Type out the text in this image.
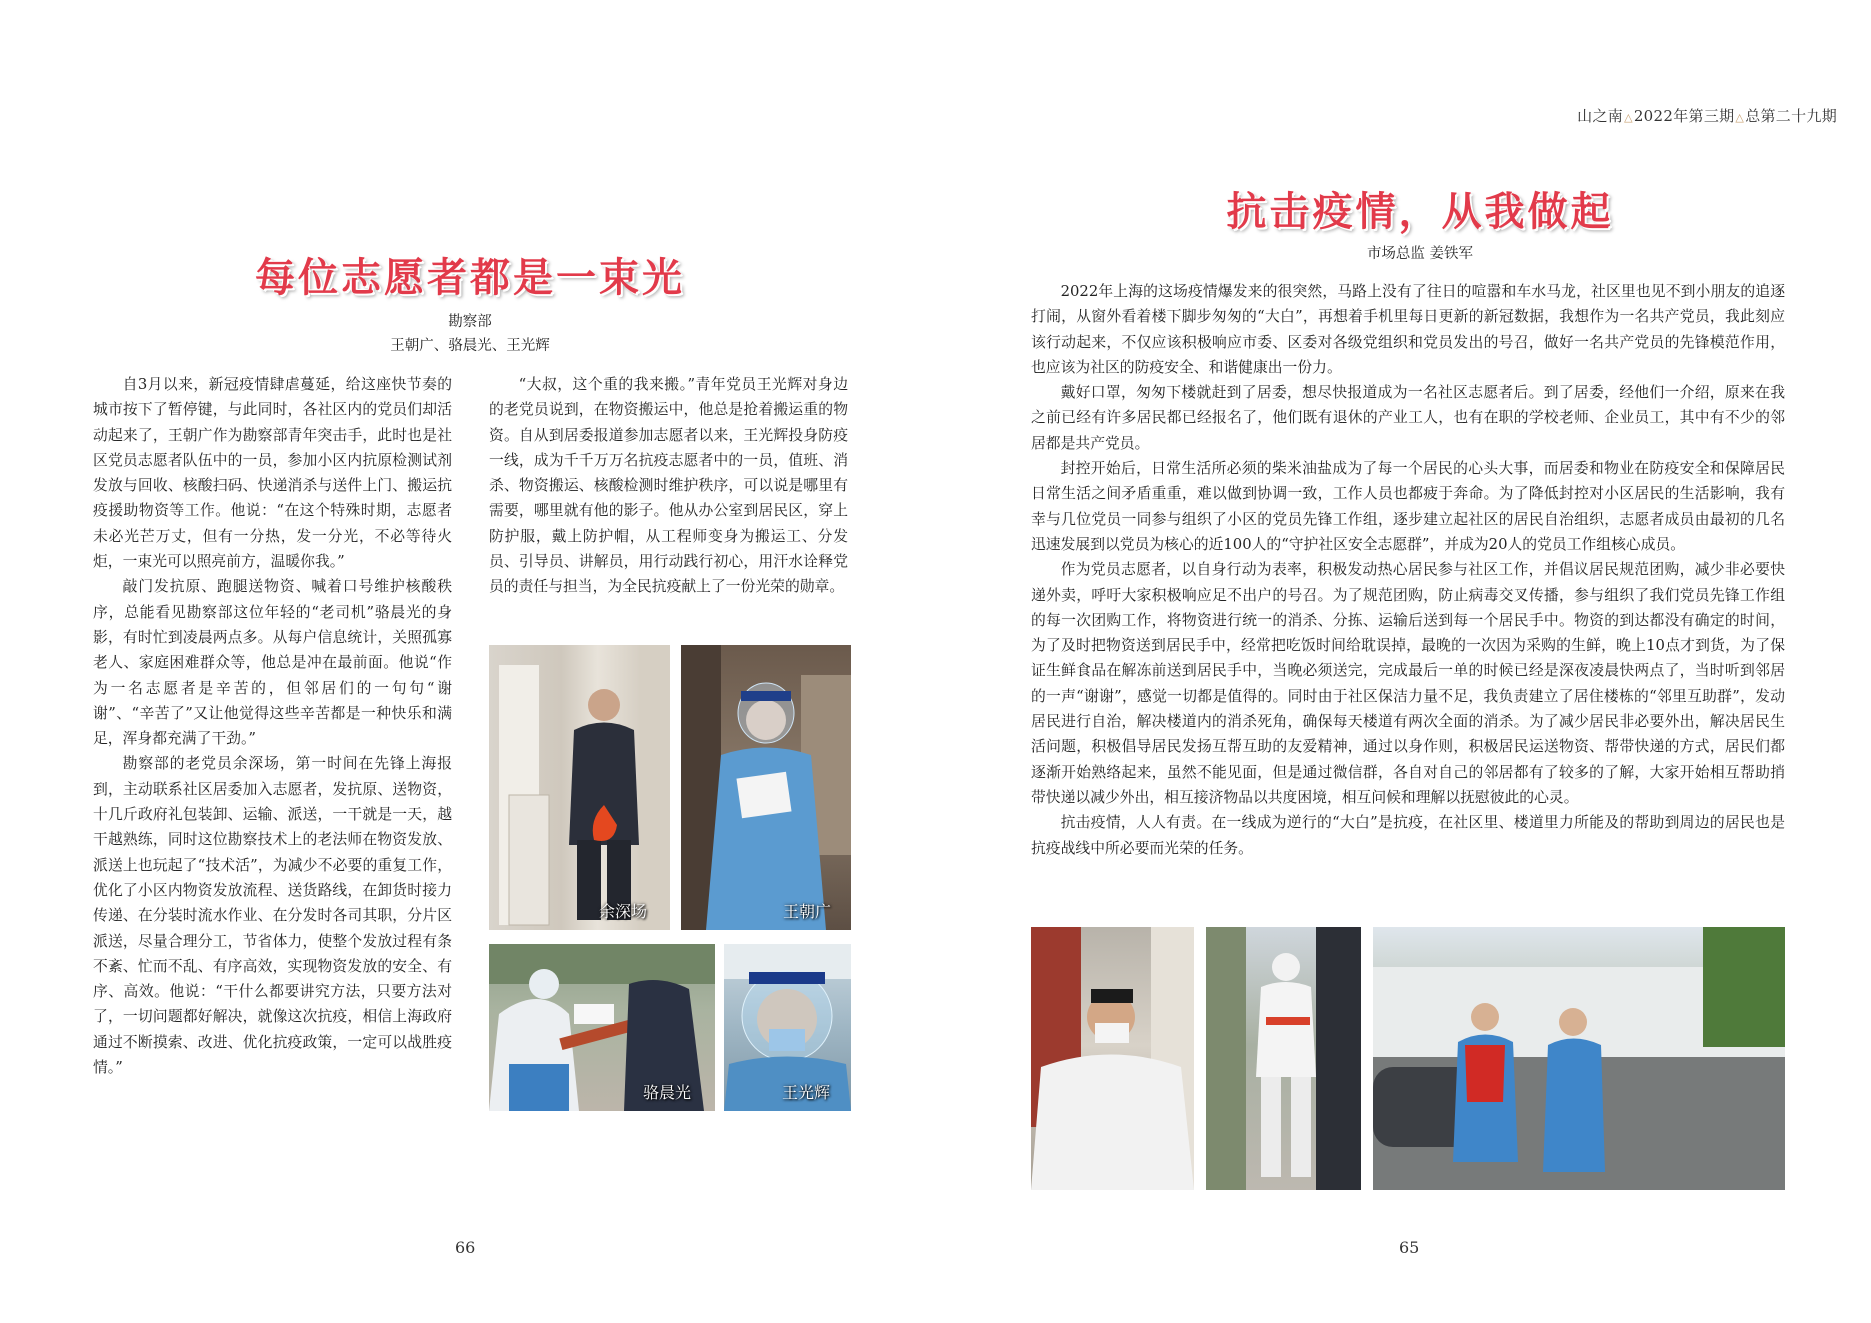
山之南△2022年第三期△总第二十九期
每位志愿者都是一束光
勘察部
王朝广、骆晨光、王光辉

自3月以来，新冠疫情肆虐蔓延，给这座快节奏的城市按下了暂停键，与此同时，各社区内的党员们却活动起来了，王朝广作为勘察部青年突击手，此时也是社区党员志愿者队伍中的一员，参加小区内抗原检测试剂发放与回收、核酸扫码、快递消杀与送件上门、搬运抗疫援助物资等工作。他说：“在这个特殊时期，志愿者未必光芒万丈，但有一分热，发一分光，不必等待火炬，一束光可以照亮前方，温暖你我。”

敲门发抗原、跑腿送物资、喊着口号维护核酸秩序，总能看见勘察部这位年轻的“老司机”骆晨光的身影，有时忙到凌晨两点多。从每户信息统计，关照孤寡老人、家庭困难群众等，他总是冲在最前面。他说“作为一名志愿者是辛苦的，但邻居们的一句句“谢谢”、“辛苦了”又让他觉得这些辛苦都是一种快乐和满足，浑身都充满了干劲。”

勘察部的老党员余深场，第一时间在先锋上海报到，主动联系社区居委加入志愿者，发抗原、送物资，十几斤政府礼包装卸、运输、派送，一干就是一天，越干越熟练，同时这位勘察技术上的老法师在物资发放、派送上也玩起了“技术活”，为减少不必要的重复工作，优化了小区内物资发放流程、送货路线，在卸货时接力传递、在分装时流水作业、在分发时各司其职，分片区派送，尽量合理分工，节省体力，使整个发放过程有条不紊、忙而不乱、有序高效，实现物资发放的安全、有序、高效。他说：“干什么都要讲究方法，只要方法对了，一切问题都好解决，就像这次抗疫，相信上海政府通过不断摸索、改进、优化抗疫政策，一定可以战胜疫情。”

“大叔，这个重的我来搬。”青年党员王光辉对身边的老党员说到，在物资搬运中，他总是抢着搬运重的物资。自从到居委报道参加志愿者以来，王光辉投身防疫一线，成为千千万万名抗疫志愿者中的一员，值班、消杀、物资搬运、核酸检测时维护秩序，可以说是哪里有需要，哪里就有他的影子。他从办公室到居民区，穿上防护服，戴上防护帽，从工程师变身为搬运工、分发员、引导员、讲解员，用行动践行初心，用汗水诠释党员的责任与担当，为全民抗疫献上了一份光荣的勋章。

余深场	王朝广
骆晨光	王光辉
66
抗击疫情，从我做起
市场总监 姜铁军

2022年上海的这场疫情爆发来的很突然，马路上没有了往日的喧嚣和车水马龙，社区里也见不到小朋友的追逐打闹，从窗外看着楼下脚步匆匆的“大白”，再想着手机里每日更新的新冠数据，我想作为一名共产党员，我此刻应该行动起来，不仅应该积极响应市委、区委对各级党组织和党员发出的号召，做好一名共产党员的先锋模范作用，也应该为社区的防疫安全、和谐健康出一份力。

戴好口罩，匆匆下楼就赶到了居委，想尽快报道成为一名社区志愿者后。到了居委，经他们一介绍，原来在我之前已经有许多居民都已经报名了，他们既有退休的产业工人，也有在职的学校老师、企业员工，其中有不少的邻居都是共产党员。

封控开始后，日常生活所必须的柴米油盐成为了每一个居民的心头大事，而居委和物业在防疫安全和保障居民日常生活之间矛盾重重，难以做到协调一致，工作人员也都疲于奔命。为了降低封控对小区居民的生活影响，我有幸与几位党员一同参与组织了小区的党员先锋工作组，逐步建立起社区的居民自治组织，志愿者成员由最初的几名迅速发展到以党员为核心的近100人的“守护社区安全志愿群”，并成为20人的党员工作组核心成员。

作为党员志愿者，以自身行动为表率，积极发动热心居民参与社区工作，并倡议居民规范团购，减少非必要快递外卖，呼吁大家积极响应足不出户的号召。为了规范团购，防止病毒交叉传播，参与组织了我们党员先锋工作组的每一次团购工作，将物资进行统一的消杀、分拣、运输后送到每一个居民手中。物资的到达都没有确定的时间，为了及时把物资送到居民手中，经常把吃饭时间给耽误掉，最晚的一次因为采购的生鲜，晚上10点才到货，为了保证生鲜食品在解冻前送到居民手中，当晚必须送完，完成最后一单的时候已经是深夜凌晨快两点了，当时听到邻居的一声“谢谢”，感觉一切都是值得的。同时由于社区保洁力量不足，我负责建立了居住楼栋的“邻里互助群”，发动居民进行自治，解决楼道内的消杀死角，确保每天楼道有两次全面的消杀。为了减少居民非必要外出，解决居民生活问题，积极倡导居民发扬互帮互助的友爱精神，通过以身作则，积极居民运送物资、帮带快递的方式，居民们都逐渐开始熟络起来，虽然不能见面，但是通过微信群，各自对自己的邻居都有了较多的了解，大家开始相互帮助捎带快递以减少外出，相互接济物品以共度困境，相互问候和理解以抚慰彼此的心灵。

抗击疫情，人人有责。在一线成为逆行的“大白”是抗疫，在社区里、楼道里力所能及的帮助到周边的居民也是抗疫战线中所必要而光荣的任务。

65
